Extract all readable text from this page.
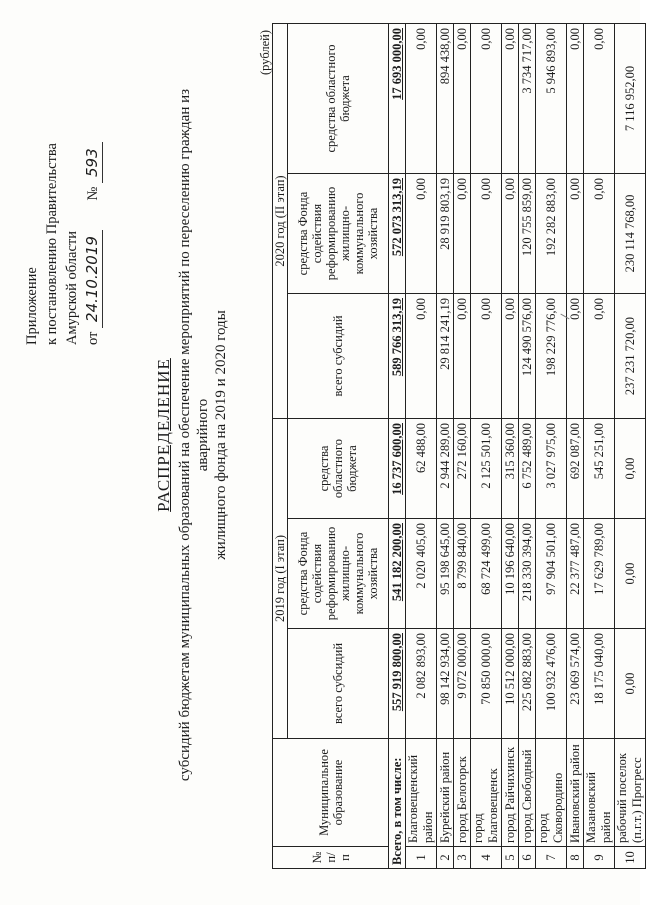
Приложение к постановлению Правительства Амурской области от 24.10.2019 № 593
РАСПРЕДЕЛЕНИЕ субсидий бюджетам муниципальных образований на обеспечение мероприятий по переселению граждан из аварийного жилищного фонда на 2019 и 2020 годы
(рублей)
№ п/п	Муниципальное образование	2019 год (I этап)			2020 год (II этап)		
		всего субсидий	средства Фонда содействия реформированию жилищно-коммунального хозяйства	средства областного бюджета	всего субсидий	средства Фонда содействия реформированию жилищно-коммунального хозяйства	средства областного бюджета
Всего, в том числе:		557 919 800,00	541 182 200,00	16 737 600,00	589 766 313,19	572 073 313,19	17 693 000,00
1	Благовещенский район	2 082 893,00	2 020 405,00	62 488,00	0,00	0,00	0,00
2	Бурейский район	98 142 934,00	95 198 645,00	2 944 289,00	29 814 241,19	28 919 803,19	894 438,00
3	город Белогорск	9 072 000,00	8 799 840,00	272 160,00	0,00	0,00	0,00
4	город Благовещенск	70 850 000,00	68 724 499,00	2 125 501,00	0,00	0,00	0,00
5	город Райчихинск	10 512 000,00	10 196 640,00	315 360,00	0,00	0,00	0,00
6	город Свободный	225 082 883,00	218 330 394,00	6 752 489,00	124 490 576,00	120 755 859,00	3 734 717,00
7	город Сковородино	100 932 476,00	97 904 501,00	3 027 975,00	198 229 776,00	192 282 883,00	5 946 893,00
8	Ивановский район	23 069 574,00	22 377 487,00	692 087,00	0,00	0,00	0,00
9	Мазановский район	18 175 040,00	17 629 789,00	545 251,00	0,00	0,00	0,00
10	рабочий поселок (п.г.т.) Прогресс	0,00	0,00	0,00	237 231 720,00	230 114 768,00	7 116 952,00
